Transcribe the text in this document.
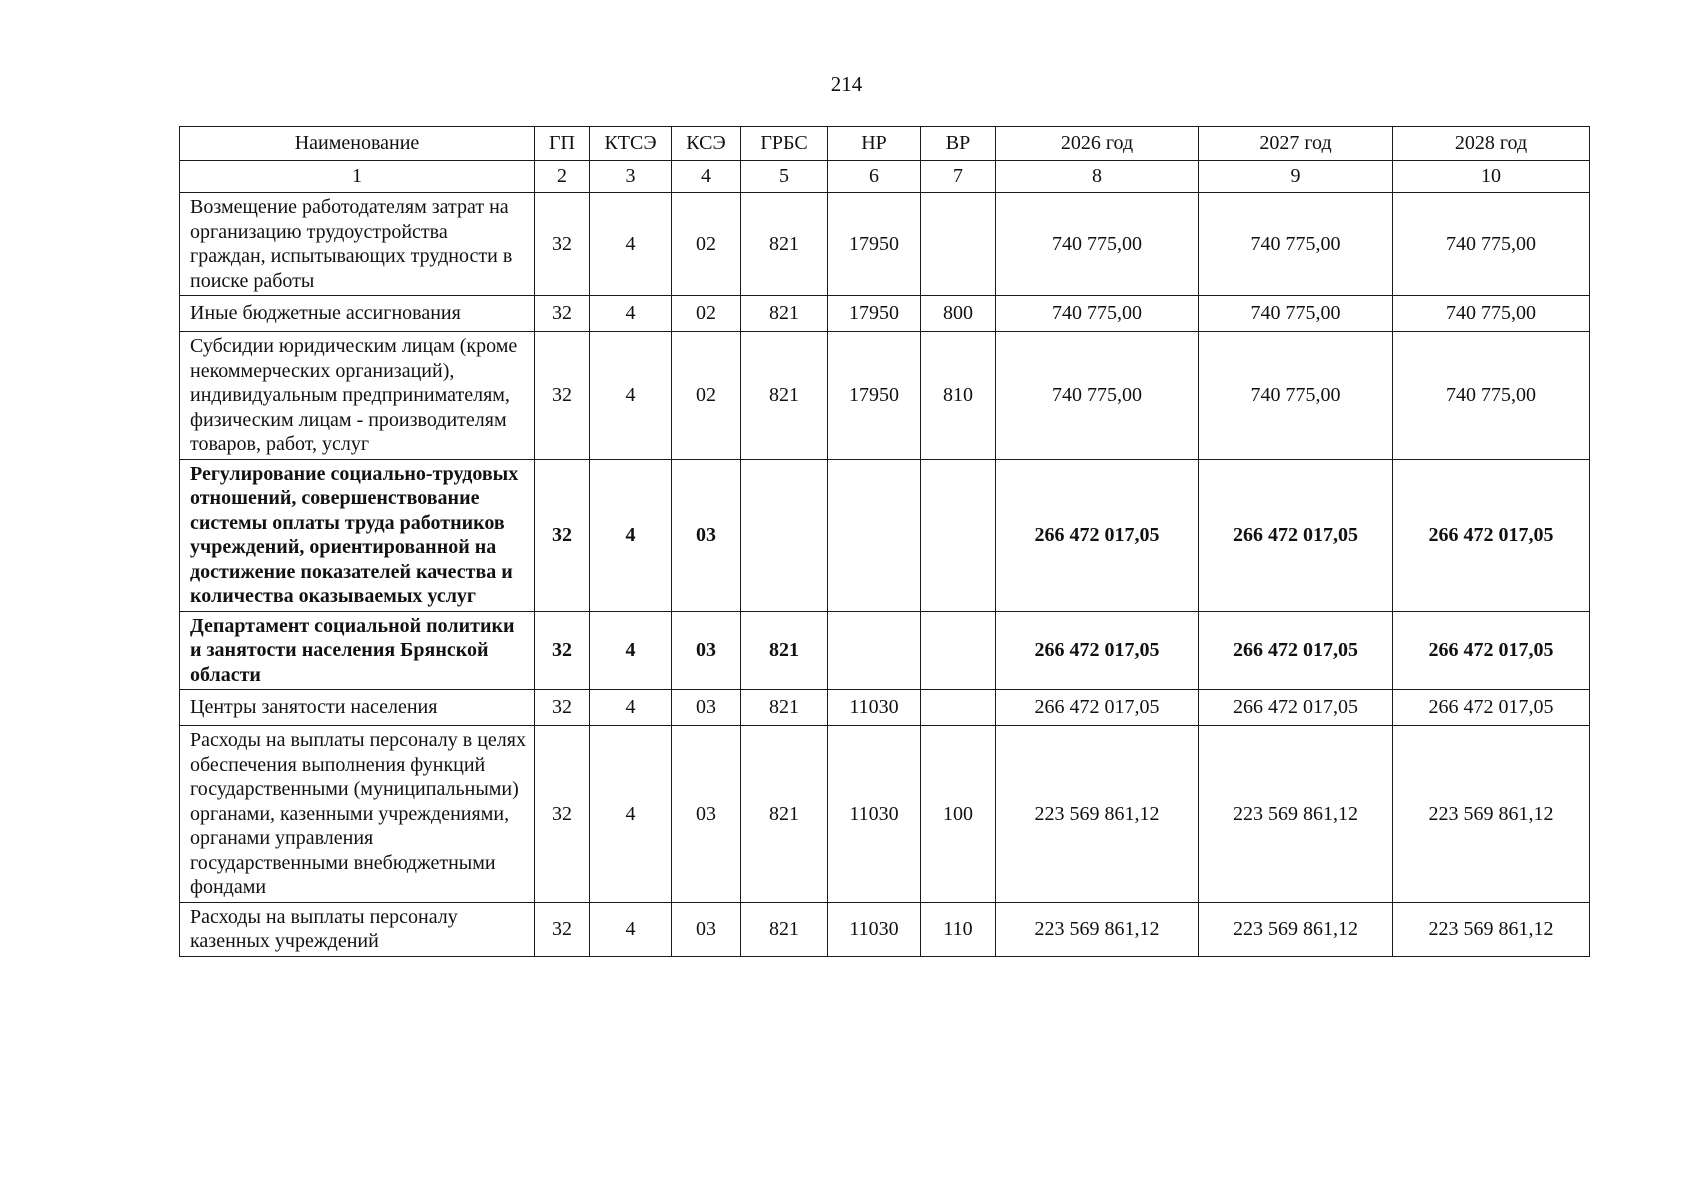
214
Наименование	ГП	КТСЭ	КСЭ	ГРБС	НР	ВР	2026 год	2027 год	2028 год
1	2	3	4	5	6	7	8	9	10
Возмещение работодателям затрат на организацию трудоустройства граждан, испытывающих трудности в поиске работы	32	4	02	821	17950		740 775,00	740 775,00	740 775,00
Иные бюджетные ассигнования	32	4	02	821	17950	800	740 775,00	740 775,00	740 775,00
Субсидии юридическим лицам (кроме некоммерческих организаций), индивидуальным предпринимателям, физическим лицам - производителям товаров, работ, услуг	32	4	02	821	17950	810	740 775,00	740 775,00	740 775,00
Регулирование социально-трудовых отношений, совершенствование системы оплаты труда работников учреждений, ориентированной на достижение показателей качества и количества оказываемых услуг	32	4	03				266 472 017,05	266 472 017,05	266 472 017,05
Департамент социальной политики и занятости населения Брянской области	32	4	03	821			266 472 017,05	266 472 017,05	266 472 017,05
Центры занятости населения	32	4	03	821	11030		266 472 017,05	266 472 017,05	266 472 017,05
Расходы на выплаты персоналу в целях обеспечения выполнения функций государственными (муниципальными) органами, казенными учреждениями, органами управления государственными внебюджетными фондами	32	4	03	821	11030	100	223 569 861,12	223 569 861,12	223 569 861,12
Расходы на выплаты персоналу казенных учреждений	32	4	03	821	11030	110	223 569 861,12	223 569 861,12	223 569 861,12
